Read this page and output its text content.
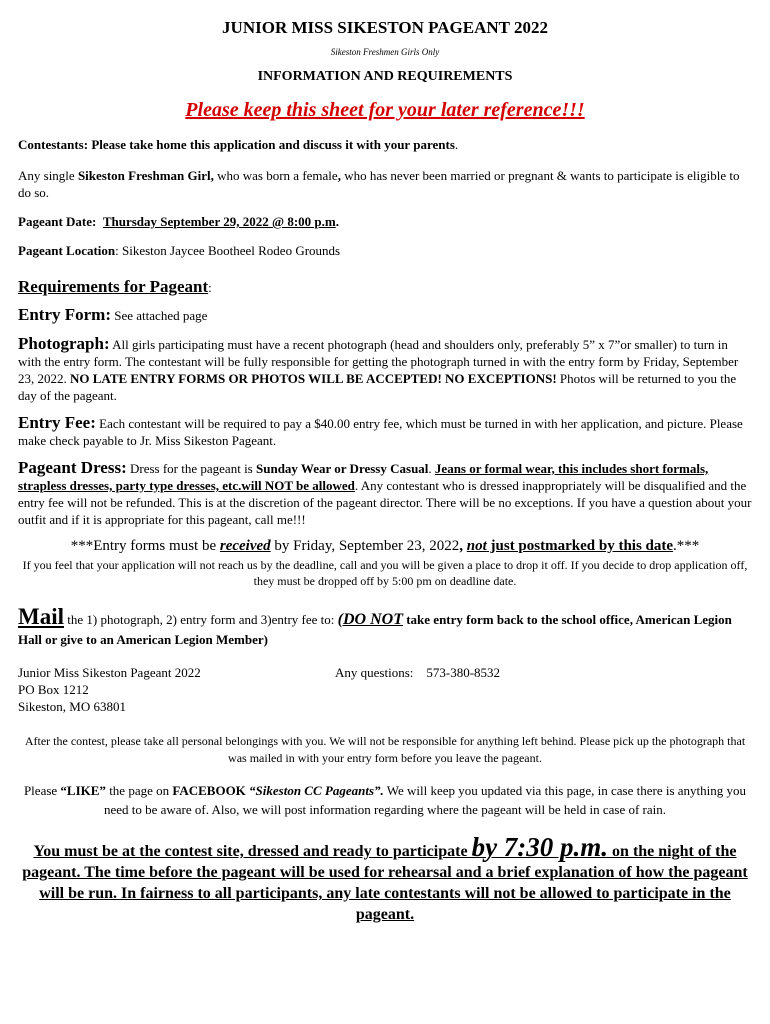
JUNIOR MISS SIKESTON PAGEANT 2022

Sikeston Freshmen Girls Only

INFORMATION AND REQUIREMENTS

Please keep this sheet for your later reference!!!

Contestants: Please take home this application and discuss it with your parents.

Any single Sikeston Freshman Girl, who was born a female, who has never been married or pregnant & wants to participate is eligible to do so.

Pageant Date: Thursday September 29, 2022 @ 8:00 p.m.

Pageant Location: Sikeston Jaycee Bootheel Rodeo Grounds

Requirements for Pageant:

Entry Form: See attached page

Photograph: All girls participating must have a recent photograph (head and shoulders only, preferably 5” x 7”or smaller) to turn in with the entry form. The contestant will be fully responsible for getting the photograph turned in with the entry form by Friday, September 23, 2022. NO LATE ENTRY FORMS OR PHOTOS WILL BE ACCEPTED! NO EXCEPTIONS! Photos will be returned to you the day of the pageant.

Entry Fee: Each contestant will be required to pay a $40.00 entry fee, which must be turned in with her application, and picture. Please make check payable to Jr. Miss Sikeston Pageant.

Pageant Dress: Dress for the pageant is Sunday Wear or Dressy Casual. Jeans or formal wear, this includes short formals, strapless dresses, party type dresses, etc.will NOT be allowed. Any contestant who is dressed inappropriately will be disqualified and the entry fee will not be refunded. This is at the discretion of the pageant director. There will be no exceptions. If you have a question about your outfit and if it is appropriate for this pageant, call me!!!

***Entry forms must be received by Friday, September 23, 2022, not just postmarked by this date.***

If you feel that your application will not reach us by the deadline, call and you will be given a place to drop it off. If you decide to drop application off, they must be dropped off by 5:00 pm on deadline date.

Mail the 1) photograph, 2) entry form and 3)entry fee to: (DO NOT take entry form back to the school office, American Legion Hall or give to an American Legion Member)

Junior Miss Sikeston Pageant 2022

PO Box 1212

Sikeston, MO 63801

Any questions: 573-380-8532

After the contest, please take all personal belongings with you. We will not be responsible for anything left behind. Please pick up the photograph that was mailed in with your entry form before you leave the pageant.

Please “LIKE” the page on FACEBOOK “Sikeston CC Pageants”. We will keep you updated via this page, in case there is anything you need to be aware of. Also, we will post information regarding where the pageant will be held in case of rain.

You must be at the contest site, dressed and ready to participate by 7:30 p.m. on the night of the pageant. The time before the pageant will be used for rehearsal and a brief explanation of how the pageant will be run. In fairness to all participants, any late contestants will not be allowed to participate in the pageant.
